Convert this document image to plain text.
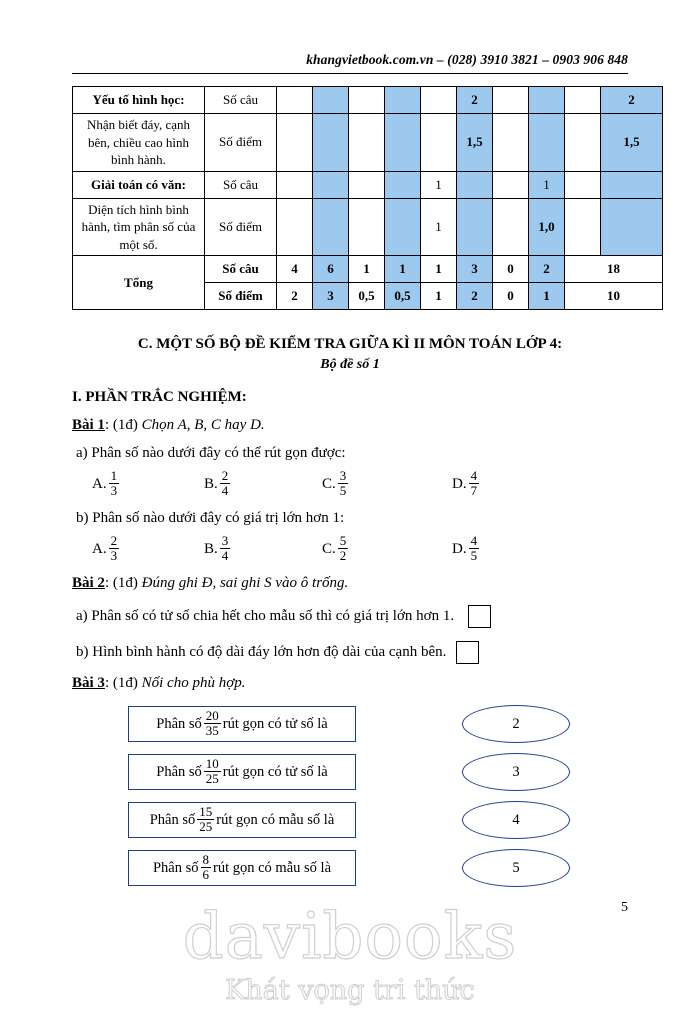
khangvietbook.com.vn – (028) 3910 3821 – 0903 906 848
Yếu tố hình học:	Số câu						2				2
Nhận biết đáy, cạnh bên, chiều cao hình bình hành.	Số điểm						1,5				1,5
Giải toán có văn:	Số câu					1			1		
Diện tích hình bình hành, tìm phân số của một số.	Số điểm					1			1,0		
Tổng	Số câu	4	6	1	1	1	3	0	2	18	
	Số điểm	2	3	0,5	0,5	1	2	0	1	10	
C. MỘT SỐ BỘ ĐỀ KIỂM TRA GIỮA KÌ II MÔN TOÁN LỚP 4:
Bộ đề số 1
I. PHẦN TRẮC NGHIỆM:
Bài 1: (1đ) Chọn A, B, C hay D.
a) Phân số nào dưới đây có thể rút gọn được:
A. $\frac{1}{3}$	B. $\frac{2}{4}$	C. $\frac{3}{5}$	D. $\frac{4}{7}$
b) Phân số nào dưới đây có giá trị lớn hơn 1:
A. $\frac{2}{3}$	B. $\frac{3}{4}$	C. $\frac{5}{2}$	D. $\frac{4}{5}$
Bài 2: (1đ) Đúng ghi Đ, sai ghi S vào ô trống.
a) Phân số có tử số chia hết cho mẫu số thì có giá trị lớn hơn 1.
b) Hình bình hành có độ dài đáy lớn hơn độ dài của cạnh bên.
Bài 3: (1đ) Nối cho phù hợp.
Phân số $\frac{20}{35}$ rút gọn có tử số là
Phân số $\frac{10}{25}$ rút gọn có tử số là
Phân số $\frac{15}{25}$ rút gọn có mẫu số là
Phân số $\frac{8}{6}$ rút gọn có mẫu số là
2
3
4
5
5
davibooks
Khát vọng tri thức
